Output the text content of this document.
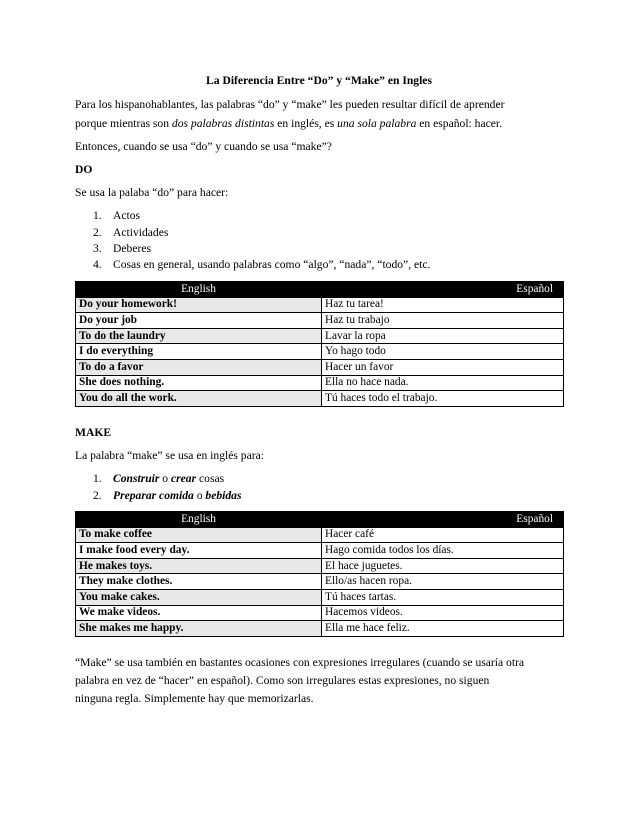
La Diferencia Entre “Do” y “Make” en Ingles
Para los hispanohablantes, las palabras “do” y “make” les pueden resultar difícil de aprender
porque mientras son dos palabras distintas en inglés, es una sola palabra en español: hacer.
Entonces, cuando se usa “do” y cuando se usa “make”?
DO
Se usa la palaba “do” para hacer:
1. Actos
2. Actividades
3. Deberes
4. Cosas en general, usando palabras como “algo”, “nada”, “todo”, etc.
English	Español
Do your homework!	Haz tu tarea!
Do your job	Haz tu trabajo
To do the laundry	Lavar la ropa
I do everything	Yo hago todo
To do a favor	Hacer un favor
She does nothing.	Ella no hace nada.
You do all the work.	Tú haces todo el trabajo.
MAKE
La palabra “make” se usa en inglés para:
1. Construir o crear cosas
2. Preparar comida o bebidas
English	Español
To make coffee	Hacer café
I make food every day.	Hago comida todos los días.
He makes toys.	El hace juguetes.
They make clothes.	Ello/as hacen ropa.
You make cakes.	Tú haces tartas.
We make videos.	Hacemos videos.
She makes me happy.	Ella me hace feliz.
“Make” se usa también en bastantes ocasiones con expresiones irregulares (cuando se usaría otra
palabra en vez de “hacer” en español). Como son irregulares estas expresiones, no siguen
ninguna regla. Simplemente hay que memorizarlas.
